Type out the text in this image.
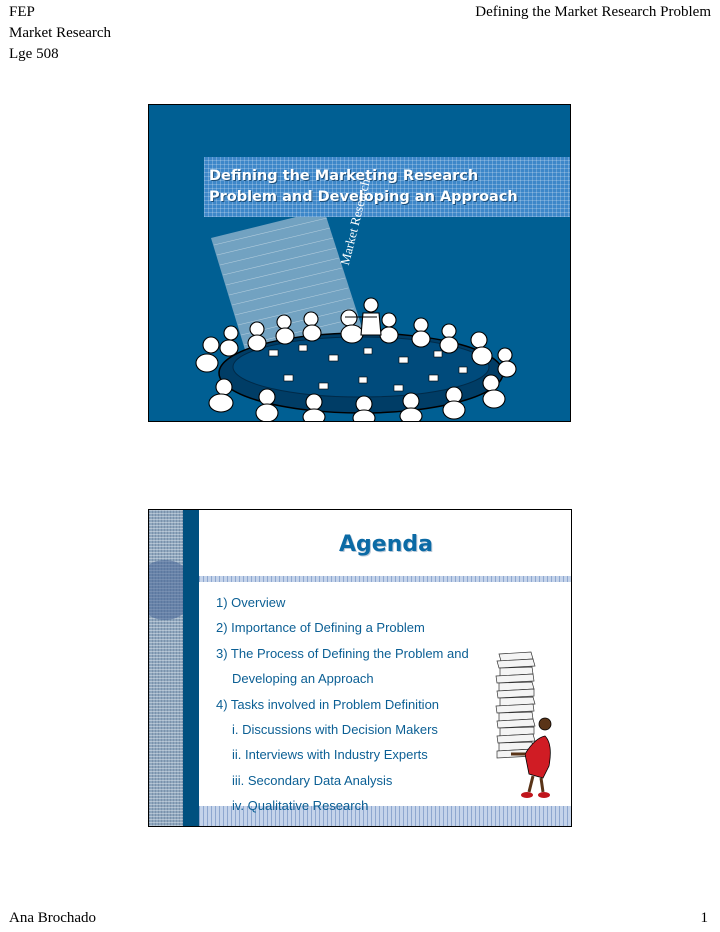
FEP
Market Research
Lge 508
Defining the Market Research Problem
Defining the Marketing Research
Problem and Developing an Approach
Market Research
Agenda
1) Overview
2) Importance of Defining a Problem
3) The Process of Defining the Problem and
Developing an Approach
4) Tasks involved in Problem Definition
i. Discussions with Decision Makers
ii. Interviews with Industry Experts
iii. Secondary Data Analysis
iv. Qualitative Research
Ana Brochado	1
